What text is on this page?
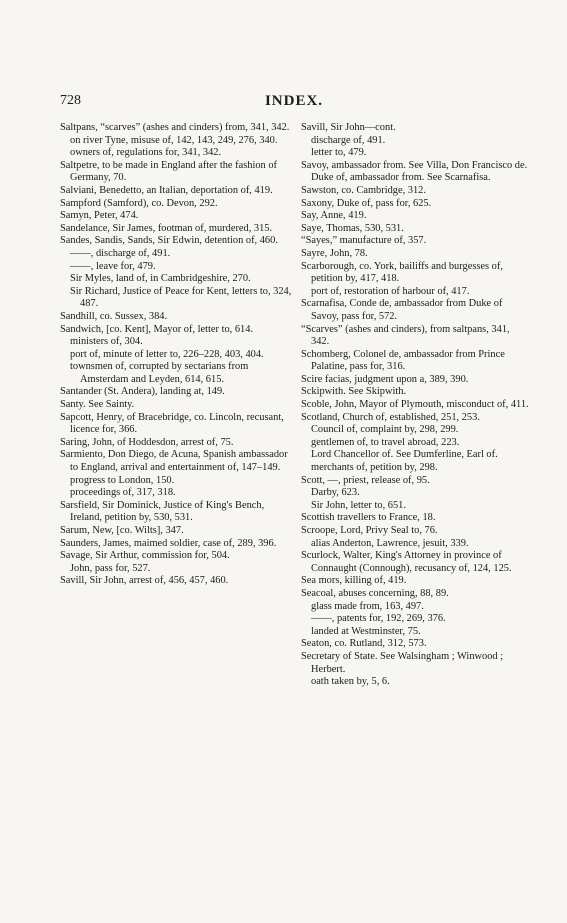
728	INDEX.

Saltpans, “scarves” (ashes and cinders) from, 341, 342.

on river Tyne, misuse of, 142, 143, 249, 276, 340.

owners of, regulations for, 341, 342.

Saltpetre, to be made in England after the fashion of Germany, 70.

Salviani, Benedetto, an Italian, deportation of, 419.

Sampford (Samford), co. Devon, 292.

Samyn, Peter, 474.

Sandelance, Sir James, footman of, murdered, 315.

Sandes, Sandis, Sands, Sir Edwin, detention of, 460.

——, discharge of, 491.

——, leave for, 479.

Sir Myles, land of, in Cambridgeshire, 270.

Sir Richard, Justice of Peace for Kent, letters to, 324, 487.

Sandhill, co. Sussex, 384.

Sandwich, [co. Kent], Mayor of, letter to, 614.

ministers of, 304.

port of, minute of letter to, 226–228, 403, 404.

townsmen of, corrupted by sectarians from Amsterdam and Leyden, 614, 615.

Santander (St. Andera), landing at, 149.

Santy. See Sainty.

Sapcott, Henry, of Bracebridge, co. Lincoln, recusant, licence for, 366.

Saring, John, of Hoddesdon, arrest of, 75.

Sarmiento, Don Diego, de Acuna, Spanish ambassador to England, arrival and entertainment of, 147–149.

progress to London, 150.

proceedings of, 317, 318.

Sarsfield, Sir Dominick, Justice of King's Bench, Ireland, petition by, 530, 531.

Sarum, New, [co. Wilts], 347.

Saunders, James, maimed soldier, case of, 289, 396.

Savage, Sir Arthur, commission for, 504.

John, pass for, 527.

Savill, Sir John, arrest of, 456, 457, 460.

Savill, Sir John—cont.

discharge of, 491.

letter to, 479.

Savoy, ambassador from. See Villa, Don Francisco de.

Duke of, ambassador from. See Scarnafisa.

Sawston, co. Cambridge, 312.

Saxony, Duke of, pass for, 625.

Say, Anne, 419.

Saye, Thomas, 530, 531.

“Sayes,” manufacture of, 357.

Sayre, John, 78.

Scarborough, co. York, bailiffs and burgesses of, petition by, 417, 418.

port of, restoration of harbour of, 417.

Scarnafisa, Conde de, ambassador from Duke of Savoy, pass for, 572.

“Scarves” (ashes and cinders), from saltpans, 341, 342.

Schomberg, Colonel de, ambassador from Prince Palatine, pass for, 316.

Scire facias, judgment upon a, 389, 390.

Sckipwith. See Skipwith.

Scoble, John, Mayor of Plymouth, misconduct of, 411.

Scotland, Church of, established, 251, 253.

Council of, complaint by, 298, 299.

gentlemen of, to travel abroad, 223.

Lord Chancellor of. See Dumferline, Earl of.

merchants of, petition by, 298.

Scott, —, priest, release of, 95.

Darby, 623.

Sir John, letter to, 651.

Scottish travellers to France, 18.

Scroope, Lord, Privy Seal to, 76.

alias Anderton, Lawrence, jesuit, 339.

Scurlock, Walter, King's Attorney in province of Connaught (Connough), recusancy of, 124, 125.

Sea mors, killing of, 419.

Seacoal, abuses concerning, 88, 89.

glass made from, 163, 497.

——, patents for, 192, 269, 376.

landed at Westminster, 75.

Seaton, co. Rutland, 312, 573.

Secretary of State. See Walsingham ; Winwood ; Herbert.

oath taken by, 5, 6.
